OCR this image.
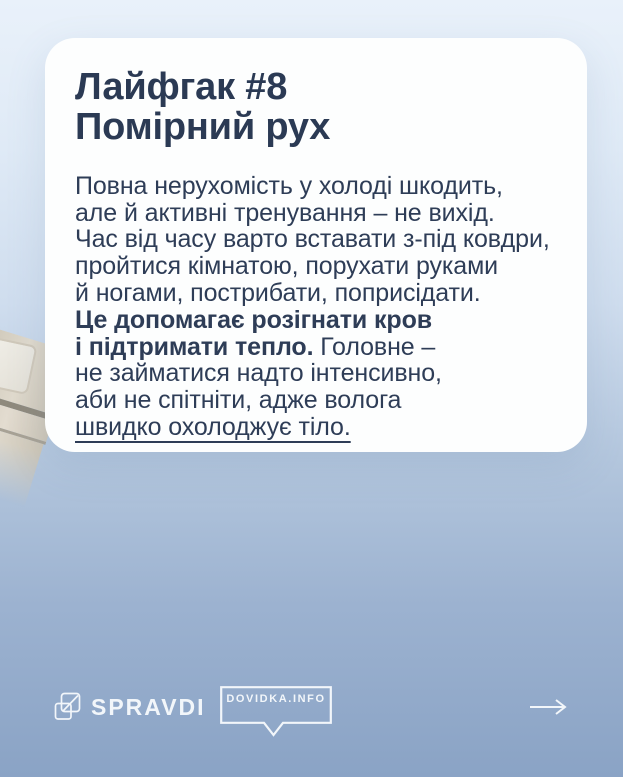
Лайфгак #8
Помірний рух
Повна нерухомість у холоді шкодить,
але й активні тренування – не вихід.
Час від часу варто вставати з-під ковдри,
пройтися кімнатою, порухати руками
й ногами, пострибати, поприсідати.
Це допомагає розігнати кров
і підтримати тепло. Головне –
не займатися надто інтенсивно,
аби не спітніти, адже волога
швидко охолоджує тіло.
SPRAVDI	DOVIDKA.INFO
